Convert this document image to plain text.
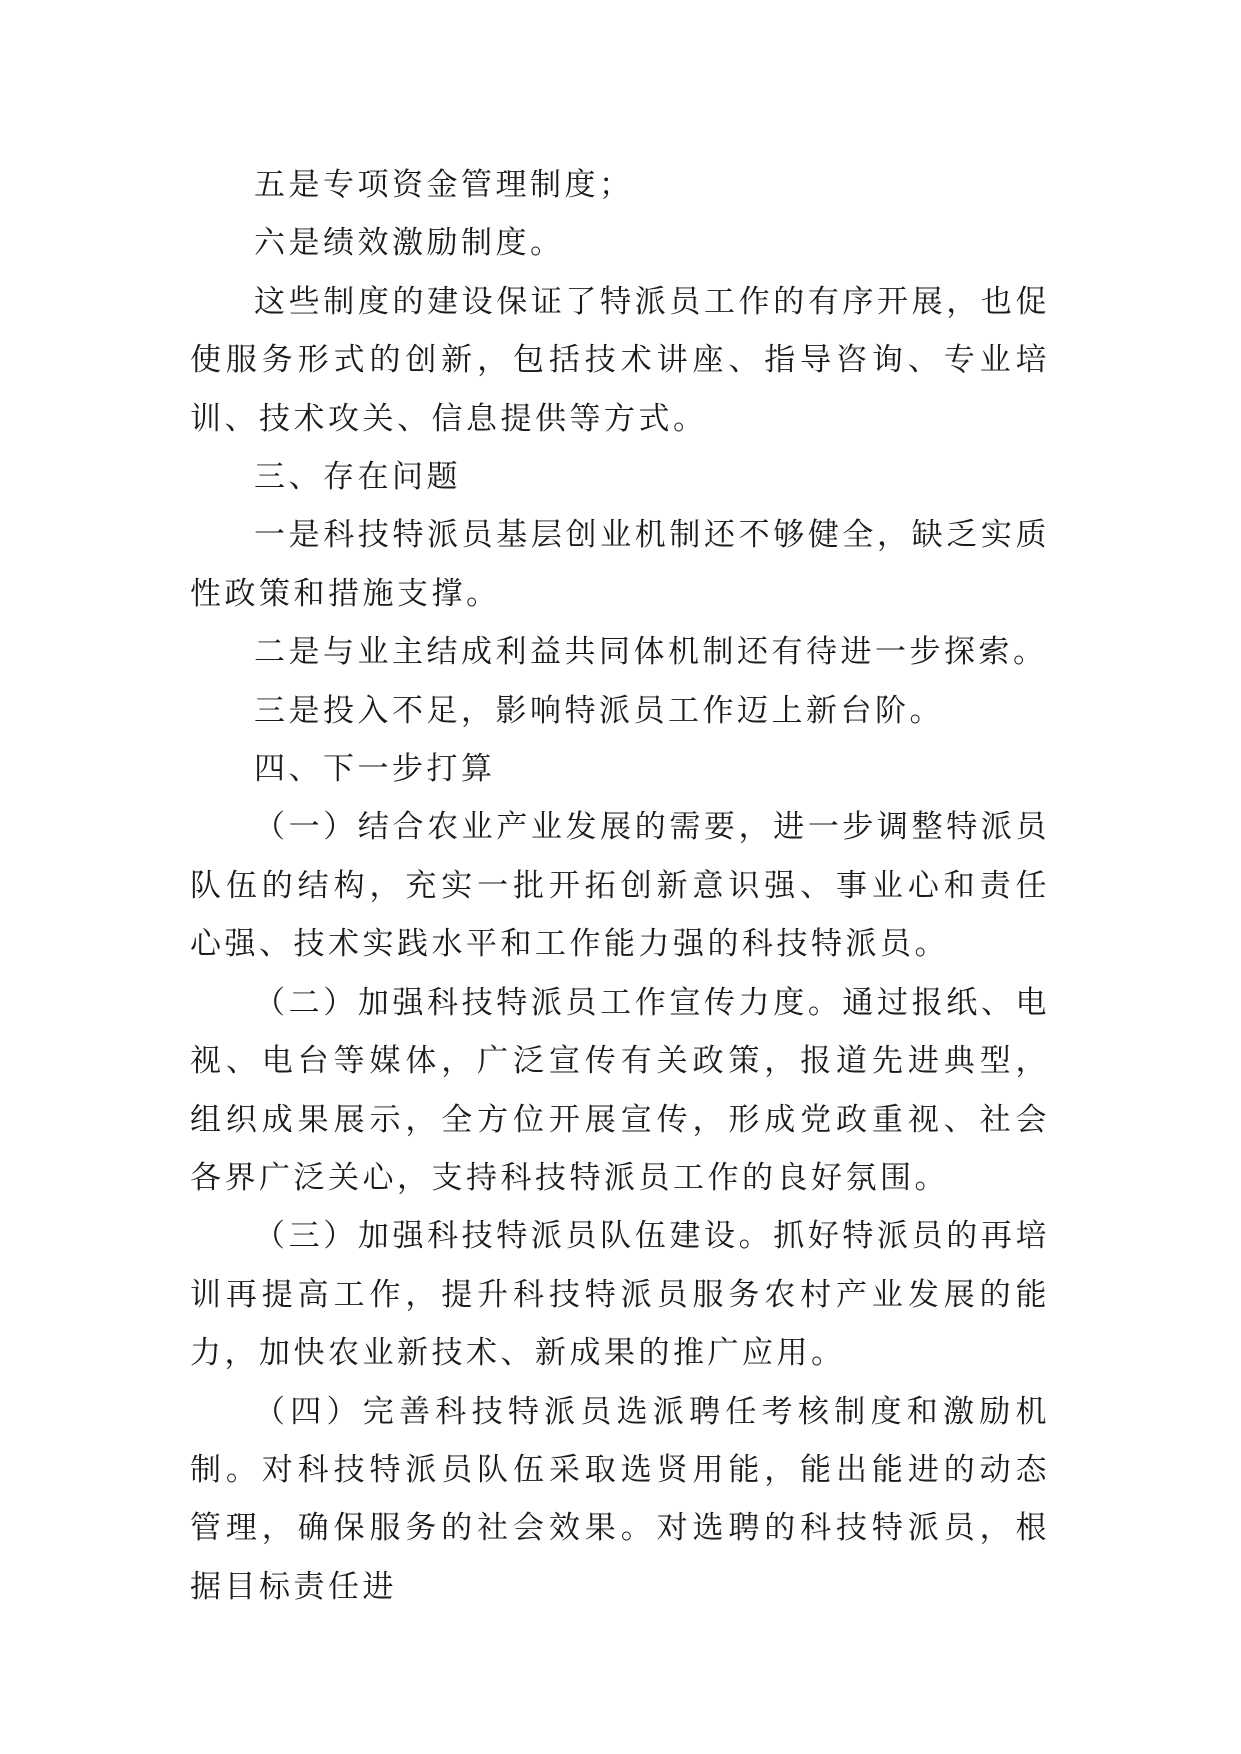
五是专项资金管理制度；

六是绩效激励制度。

这些制度的建设保证了特派员工作的有序开展，也促使服务形式的创新，包括技术讲座、指导咨询、专业培训、技术攻关、信息提供等方式。

三、存在问题

一是科技特派员基层创业机制还不够健全，缺乏实质性政策和措施支撑。

二是与业主结成利益共同体机制还有待进一步探索。

三是投入不足，影响特派员工作迈上新台阶。

四、下一步打算

（一）结合农业产业发展的需要，进一步调整特派员队伍的结构，充实一批开拓创新意识强、事业心和责任心强、技术实践水平和工作能力强的科技特派员。

（二）加强科技特派员工作宣传力度。通过报纸、电视、电台等媒体，广泛宣传有关政策，报道先进典型，组织成果展示，全方位开展宣传，形成党政重视、社会各界广泛关心，支持科技特派员工作的良好氛围。

（三）加强科技特派员队伍建设。抓好特派员的再培训再提高工作，提升科技特派员服务农村产业发展的能力，加快农业新技术、新成果的推广应用。

（四）完善科技特派员选派聘任考核制度和激励机制。对科技特派员队伍采取选贤用能，能出能进的动态管理，确保服务的社会效果。对选聘的科技特派员，根据目标责任进
